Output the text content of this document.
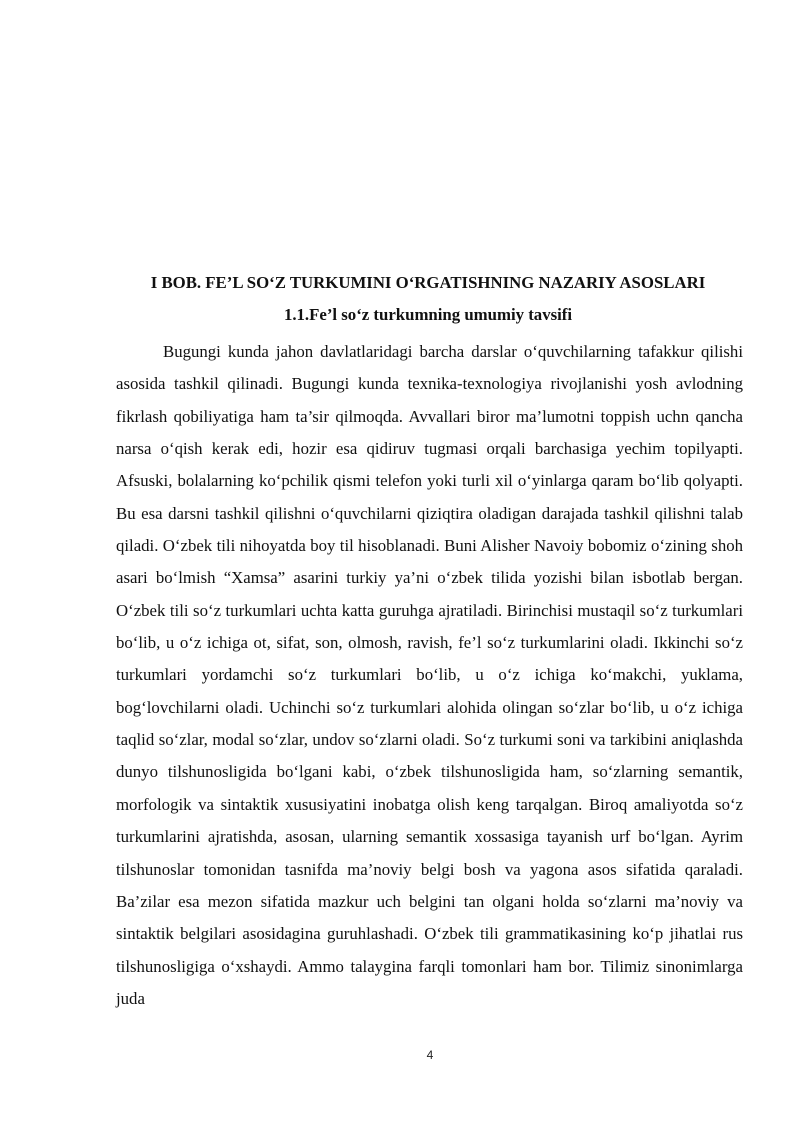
I BOB. FE’L SO‘Z TURKUMINI O‘RGATISHNING NAZARIY ASOSLARI
1.1.Fe’l so‘z turkumning umumiy tavsifi

Bugungi kunda jahon davlatlaridagi barcha darslar o‘quvchilarning tafakkur qilishi asosida tashkil qilinadi. Bugungi kunda texnika-texnologiya rivojlanishi yosh avlodning fikrlash qobiliyatiga ham ta’sir qilmoqda. Avvallari biror ma’lumotni toppish uchn qancha narsa o‘qish kerak edi, hozir esa qidiruv tugmasi orqali barchasiga yechim topilyapti. Afsuski, bolalarning ko‘pchilik qismi telefon yoki turli xil o‘yinlarga qaram bo‘lib qolyapti. Bu esa darsni tashkil qilishni o‘quvchilarni qiziqtira oladigan darajada tashkil qilishni talab qiladi. O‘zbek tili nihoyatda boy til hisoblanadi. Buni Alisher Navoiy bobomiz o‘zining shoh asari bo‘lmish “Xamsa” asarini turkiy ya’ni o‘zbek tilida yozishi bilan isbotlab bergan. O‘zbek tili so‘z turkumlari uchta katta guruhga ajratiladi. Birinchisi mustaqil so‘z turkumlari bo‘lib, u o‘z ichiga ot, sifat, son, olmosh, ravish, fe’l so‘z turkumlarini oladi. Ikkinchi so‘z turkumlari yordamchi so‘z turkumlari bo‘lib, u o‘z ichiga ko‘makchi, yuklama, bog‘lovchilarni oladi. Uchinchi so‘z turkumlari alohida olingan so‘zlar bo‘lib, u o‘z ichiga taqlid so‘zlar, modal so‘zlar, undov so‘zlarni oladi. So‘z turkumi soni va tarkibini aniqlashda dunyo tilshunosligida bo‘lgani kabi, o‘zbek tilshunosligida ham, so‘zlarning semantik, morfologik va sintaktik xususiyatini inobatga olish keng tarqalgan. Biroq amaliyotda so‘z turkumlarini ajratishda, asosan, ularning semantik xossasiga tayanish urf bo‘lgan. Ayrim tilshunoslar tomonidan tasnifda ma’noviy belgi bosh va yagona asos sifatida qaraladi. Ba’zilar esa mezon sifatida mazkur uch belgini tan olgani holda so‘zlarni ma’noviy va sintaktik belgilari asosidagina guruhlashadi. O‘zbek tili grammatikasining ko‘p jihatlai rus tilshunosligiga o‘xshaydi. Ammo talaygina farqli tomonlari ham bor. Tilimiz sinonimlarga juda

4
